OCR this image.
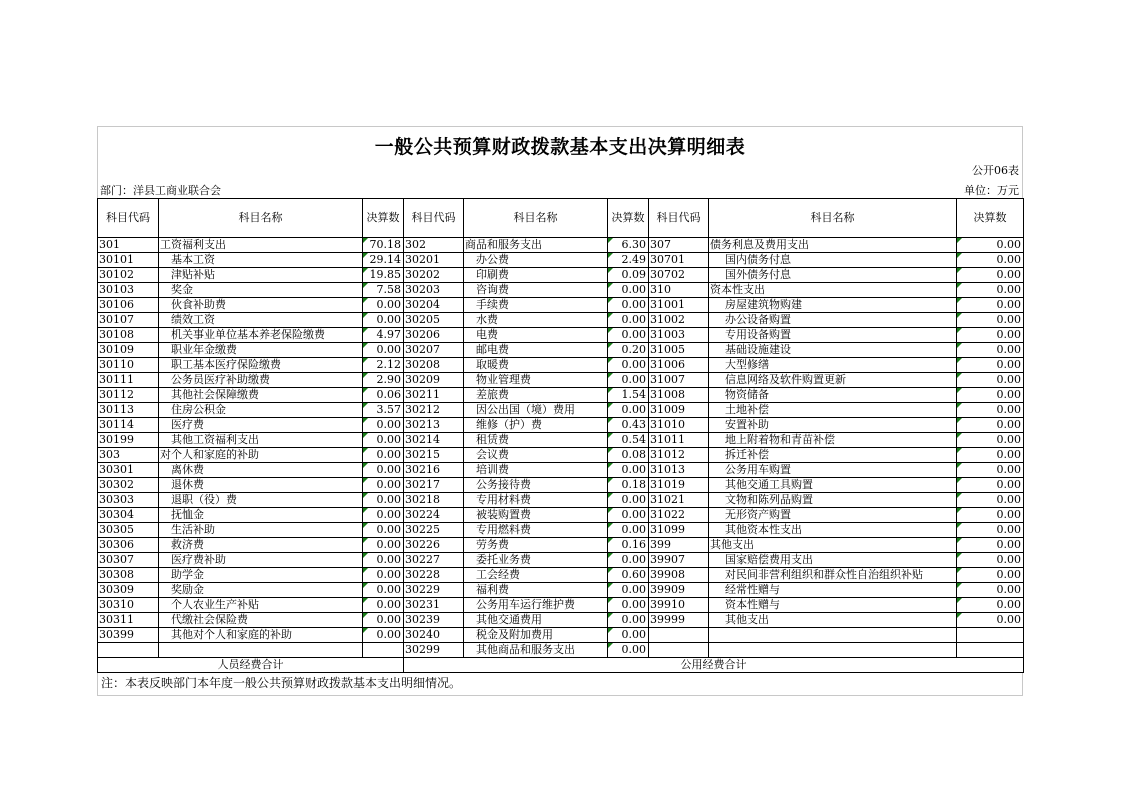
一般公共预算财政拨款基本支出决算明细表
公开06表
部门：洋县工商业联合会	单位：万元
科目代码	科目名称	决算数	科目代码	科目名称	决算数	科目代码	科目名称	决算数
301	工资福利支出	70.18	302	商品和服务支出	6.30	307	债务利息及费用支出	0.00
30101	基本工资	29.14	30201	办公费	2.49	30701	国内债务付息	0.00
30102	津贴补贴	19.85	30202	印刷费	0.09	30702	国外债务付息	0.00
30103	奖金	7.58	30203	咨询费	0.00	310	资本性支出	0.00
30106	伙食补助费	0.00	30204	手续费	0.00	31001	房屋建筑物购建	0.00
30107	绩效工资	0.00	30205	水费	0.00	31002	办公设备购置	0.00
30108	机关事业单位基本养老保险缴费	4.97	30206	电费	0.00	31003	专用设备购置	0.00
30109	职业年金缴费	0.00	30207	邮电费	0.20	31005	基础设施建设	0.00
30110	职工基本医疗保险缴费	2.12	30208	取暖费	0.00	31006	大型修缮	0.00
30111	公务员医疗补助缴费	2.90	30209	物业管理费	0.00	31007	信息网络及软件购置更新	0.00
30112	其他社会保障缴费	0.06	30211	差旅费	1.54	31008	物资储备	0.00
30113	住房公积金	3.57	30212	因公出国（境）费用	0.00	31009	土地补偿	0.00
30114	医疗费	0.00	30213	维修（护）费	0.43	31010	安置补助	0.00
30199	其他工资福利支出	0.00	30214	租赁费	0.54	31011	地上附着物和青苗补偿	0.00
303	对个人和家庭的补助	0.00	30215	会议费	0.08	31012	拆迁补偿	0.00
30301	离休费	0.00	30216	培训费	0.00	31013	公务用车购置	0.00
30302	退休费	0.00	30217	公务接待费	0.18	31019	其他交通工具购置	0.00
30303	退职（役）费	0.00	30218	专用材料费	0.00	31021	文物和陈列品购置	0.00
30304	抚恤金	0.00	30224	被装购置费	0.00	31022	无形资产购置	0.00
30305	生活补助	0.00	30225	专用燃料费	0.00	31099	其他资本性支出	0.00
30306	救济费	0.00	30226	劳务费	0.16	399	其他支出	0.00
30307	医疗费补助	0.00	30227	委托业务费	0.00	39907	国家赔偿费用支出	0.00
30308	助学金	0.00	30228	工会经费	0.60	39908	对民间非营利组织和群众性自治组织补贴	0.00
30309	奖励金	0.00	30229	福利费	0.00	39909	经常性赠与	0.00
30310	个人农业生产补贴	0.00	30231	公务用车运行维护费	0.00	39910	资本性赠与	0.00
30311	代缴社会保险费	0.00	30239	其他交通费用	0.00	39999	其他支出	0.00
30399	其他对个人和家庭的补助	0.00	30240	税金及附加费用	0.00			
			30299	其他商品和服务支出	0.00			
人员经费合计			公用经费合计					
注：本表反映部门本年度一般公共预算财政拨款基本支出明细情况。
